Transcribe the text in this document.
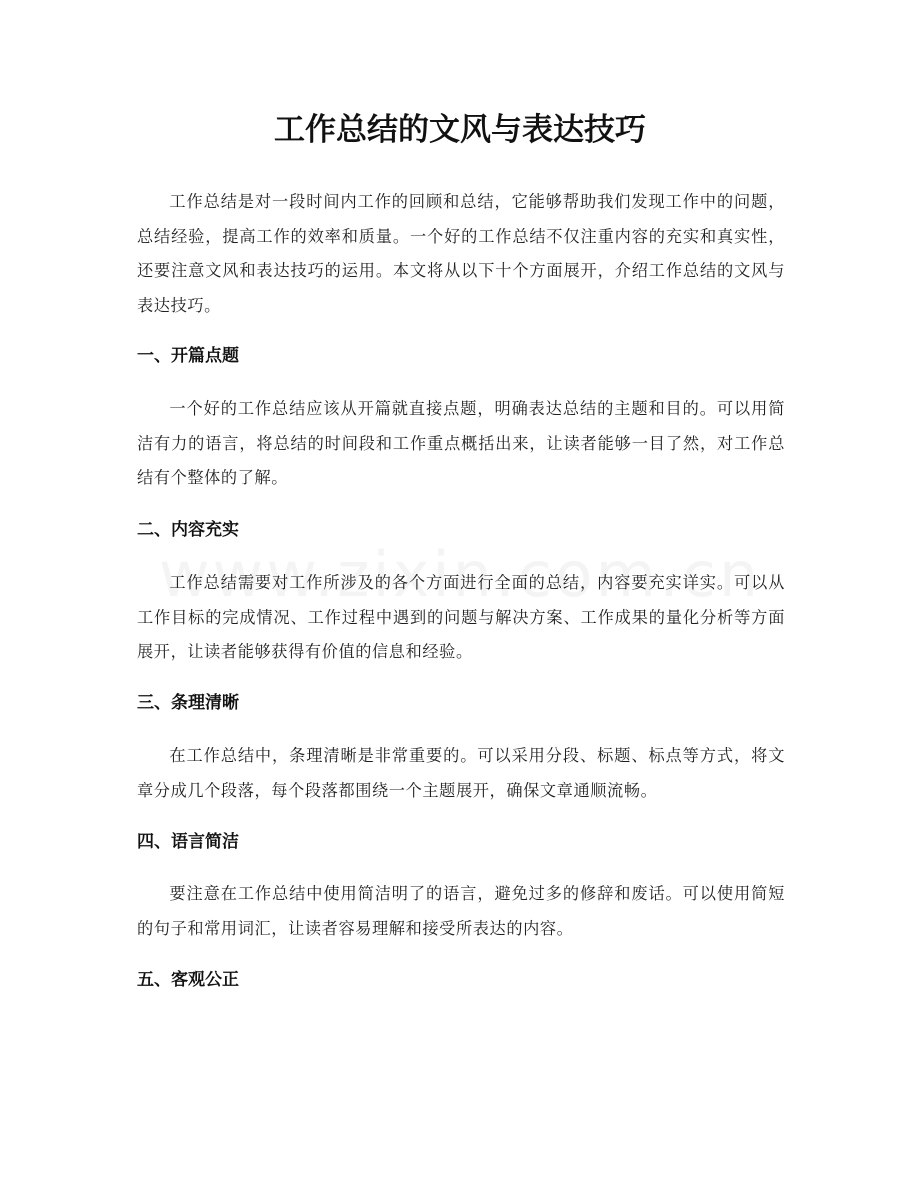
工作总结的文风与表达技巧

工作总结是对一段时间内工作的回顾和总结，它能够帮助我们发现工作中的问题，总结经验，提高工作的效率和质量。一个好的工作总结不仅注重内容的充实和真实性，还要注意文风和表达技巧的运用。本文将从以下十个方面展开，介绍工作总结的文风与表达技巧。

一、开篇点题

一个好的工作总结应该从开篇就直接点题，明确表达总结的主题和目的。可以用简洁有力的语言，将总结的时间段和工作重点概括出来，让读者能够一目了然，对工作总结有个整体的了解。

二、内容充实

工作总结需要对工作所涉及的各个方面进行全面的总结，内容要充实详实。可以从工作目标的完成情况、工作过程中遇到的问题与解决方案、工作成果的量化分析等方面展开，让读者能够获得有价值的信息和经验。

三、条理清晰

在工作总结中，条理清晰是非常重要的。可以采用分段、标题、标点等方式，将文章分成几个段落，每个段落都围绕一个主题展开，确保文章通顺流畅。

四、语言简洁

要注意在工作总结中使用简洁明了的语言，避免过多的修辞和废话。可以使用简短的句子和常用词汇，让读者容易理解和接受所表达的内容。

五、客观公正
